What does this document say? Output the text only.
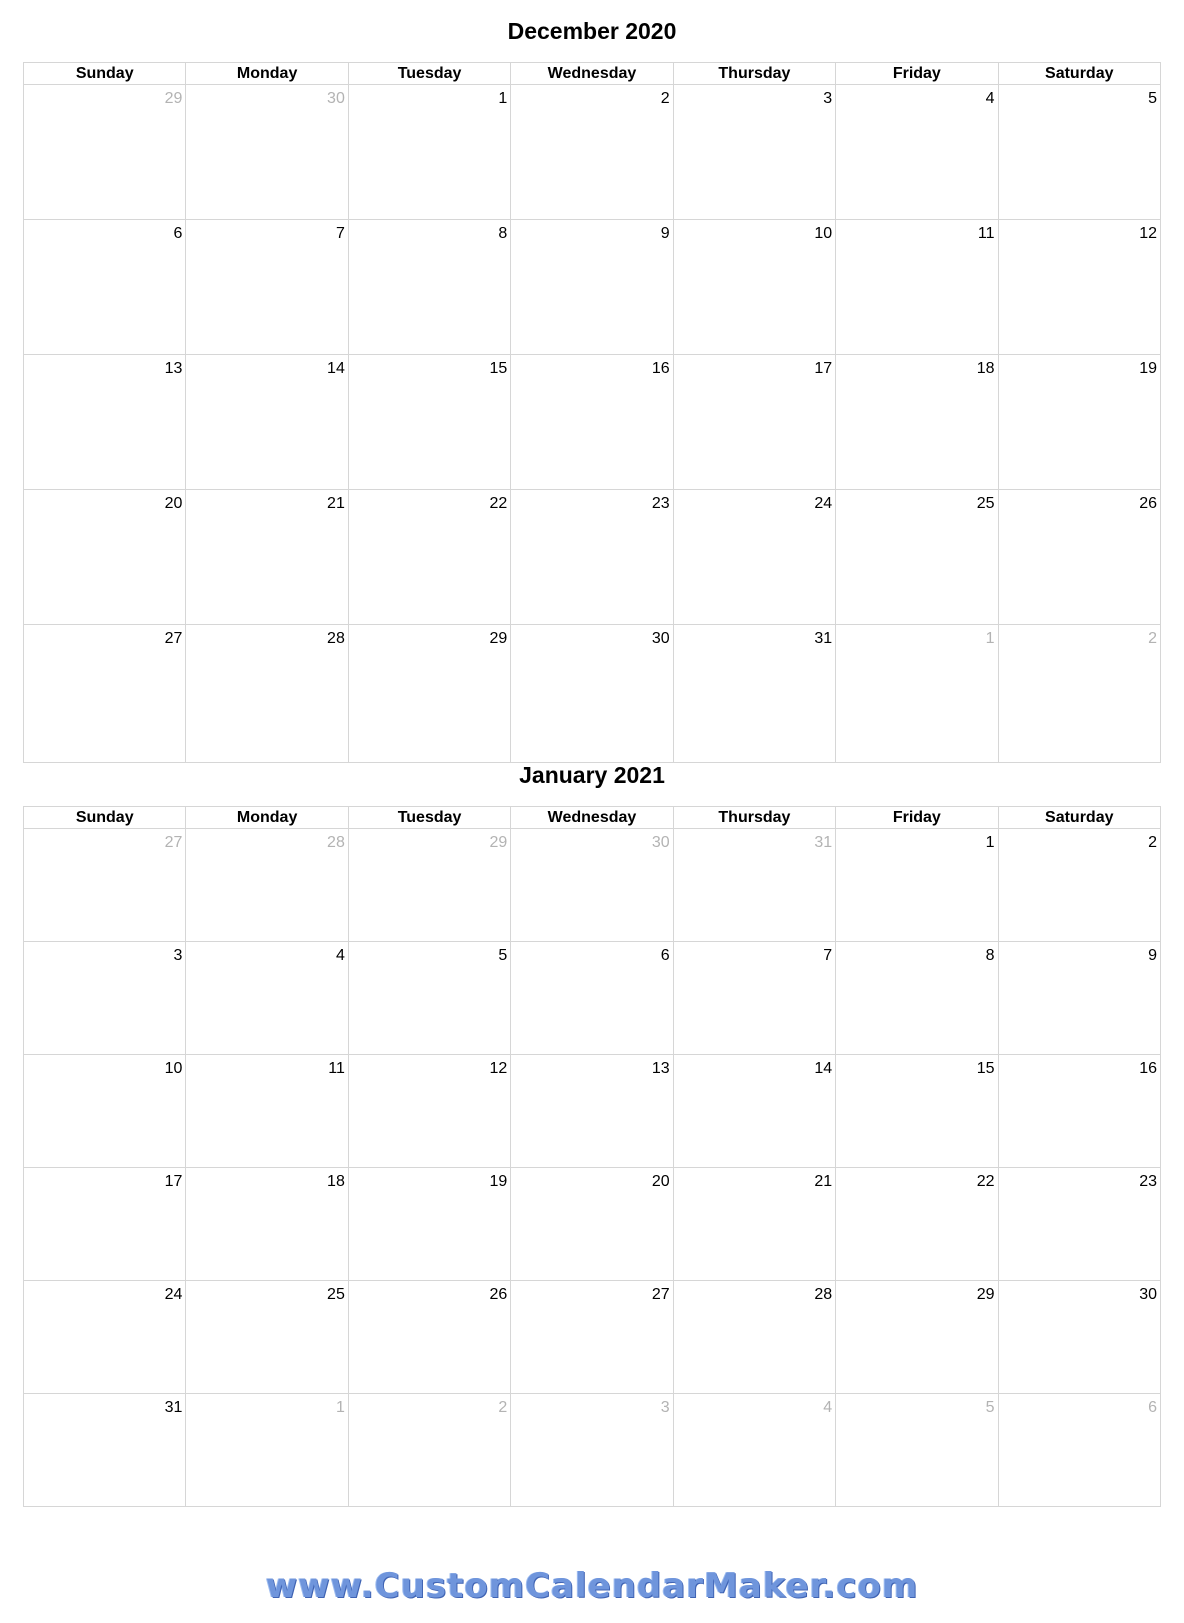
December 2020
Sunday	Monday	Tuesday	Wednesday	Thursday	Friday	Saturday

29	30	1	2	3	4	5

6	7	8	9	10	11	12

13	14	15	16	17	18	19

20	21	22	23	24	25	26

27	28	29	30	31	1	2
January 2021
Sunday	Monday	Tuesday	Wednesday	Thursday	Friday	Saturday

27	28	29	30	31	1	2

3	4	5	6	7	8	9

10	11	12	13	14	15	16

17	18	19	20	21	22	23

24	25	26	27	28	29	30

31	1	2	3	4	5	6
www.CustomCalendarMaker.com
